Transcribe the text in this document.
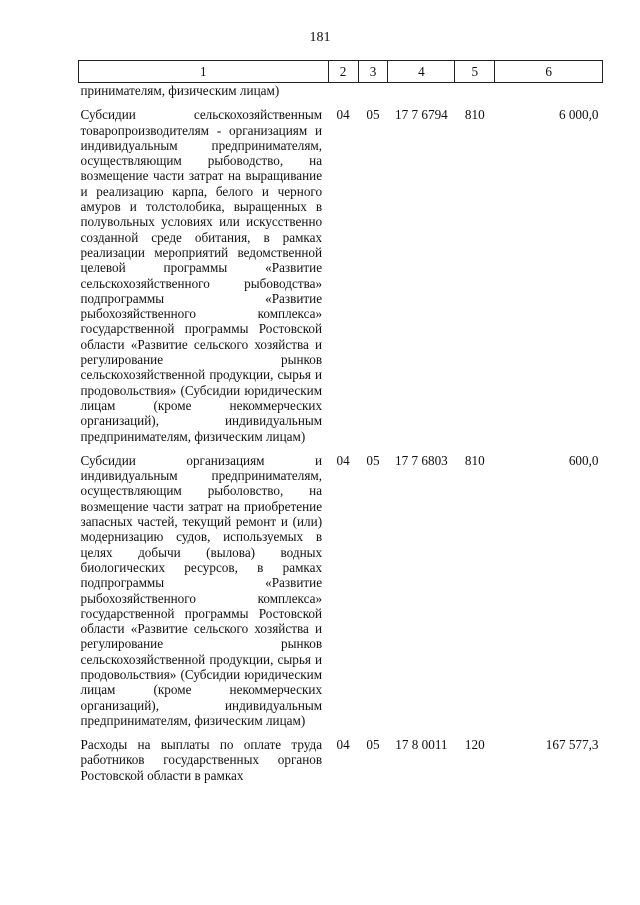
181
1	2	3	4	5	6
принимателям, физическим лицам)					

Субсидии сельскохозяйственным товаропроизводителям - организациям и индивидуальным предпринимателям, осуществляющим рыбоводство, на возмещение части затрат на выращивание и реализацию карпа, белого и черного амуров и толстолобика, выращенных в полувольных условиях или искусственно созданной среде обитания, в рамках реализации мероприятий ведомственной целевой программы «Развитие сельскохозяйственного рыбоводства» подпрограммы «Развитие рыбохозяйственного комплекса» государственной программы Ростовской области «Развитие сельского хозяйства и регулирование рынков сельскохозяйственной продукции, сырья и продовольствия» (Субсидии юридическим лицам (кроме некоммерческих организаций), индивидуальным предпринимателям, физическим лицам)	04	05	17 7 6794	810	6 000,0

Субсидии организациям и индивидуальным предпринимателям, осуществляющим рыболовство, на возмещение части затрат на приобретение запасных частей, текущий ремонт и (или) модернизацию судов, используемых в целях добычи (вылова) водных биологических ресурсов, в рамках подпрограммы «Развитие рыбохозяйственного комплекса» государственной программы Ростовской области «Развитие сельского хозяйства и регулирование рынков сельскохозяйственной продукции, сырья и продовольствия» (Субсидии юридическим лицам (кроме некоммерческих организаций), индивидуальным предпринимателям, физическим лицам)	04	05	17 7 6803	810	600,0

Расходы на выплаты по оплате труда работников государственных органов Ростовской области в рамках	04	05	17 8 0011	120	167 577,3
